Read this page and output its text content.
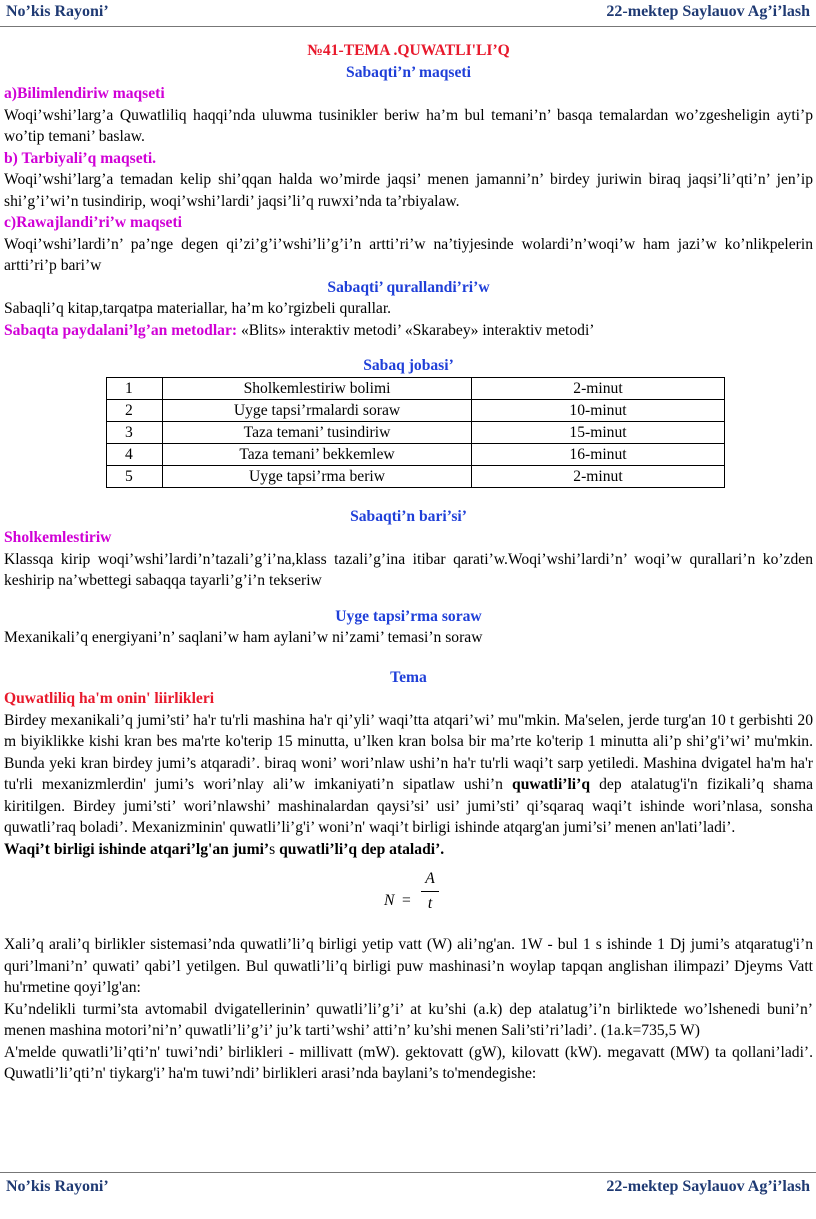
No’kis Rayoni’	22-mektep Saylauov Ag’i’lash

№41-TEMA .QUWATLI'LI’Q

Sabaqti’n’ maqseti

a)Bilimlendiriw maqseti

Woqi’wshi’larg’a Quwatliliq haqqi’nda uluwma tusinikler beriw ha’m bul temani’n’ basqa temalardan wo’zgesheligin ayti’p wo’tip temani’ baslaw.

b) Tarbiyali’q maqseti.

Woqi’wshi’larg’a temadan kelip shi’qqan halda wo’mirde jaqsi’ menen jamanni’n’ birdey juriwin biraq jaqsi’li’qti’n’ jen’ip shi’g’i’wi’n tusindirip, woqi’wshi’lardi’ jaqsi’li’q ruwxi’nda ta’rbiyalaw.

c)Rawajlandi’ri’w maqseti

Woqi’wshi’lardi’n’ pa’nge degen qi’zi’g’i’wshi’li’g’i’n artti’ri’w na’tiyjesinde wolardi’n’woqi’w ham jazi’w ko’nlikpelerin artti’ri’p bari’w

Sabaqti’ qurallandi’ri’w

Sabaqli’q kitap,tarqatpa materiallar, ha’m ko’rgizbeli qurallar.

Sabaqta paydalani’lg’an metodlar: «Blits» interaktiv metodi’ «Skarabey» interaktiv metodi’

Sabaq jobasi’

1	Sholkemlestiriw bolimi	2-minut
2	Uyge tapsi’rmalardi soraw	10-minut
3	Taza temani’ tusindiriw	15-minut
4	Taza temani’ bekkemlew	16-minut
5	Uyge tapsi’rma beriw	2-minut

Sabaqti’n bari’si’

Sholkemlestiriw

Klassqa kirip woqi’wshi’lardi’n’tazali’g’i’na,klass tazali’g’ina itibar qarati’w.Woqi’wshi’lardi’n’ woqi’w qurallari’n ko’zden keshirip na’wbettegi sabaqqa tayarli’g’i’n tekseriw

Uyge tapsi’rma soraw

Mexanikali’q energiyani’n’ saqlani’w ham aylani’w ni’zami’ temasi’n soraw

Tema

Quwatliliq ha'm onin' liirlikleri

Birdey mexanikali’q jumi’sti’ ha'r tu'rli mashina ha'r qi’yli’ waqi’tta atqari’wi’ mu"mkin. Ma'selen, jerde turg'an 10 t gerbishti 20 m biyiklikke kishi kran bes ma'rte ko'terip 15 minutta, u’lken kran bolsa bir ma’rte ko'terip 1 minutta ali’p shi’g'i’wi’ mu'mkin. Bunda yeki kran birdey jumi’s atqaradi’. biraq woni’ wori’nlaw ushi’n ha'r tu'rli waqi’t sarp yetiledi. Mashina dvigatel ha'm ha'r tu'rli mexanizmlerdin' jumi’s wori’nlay ali’w imkaniyati’n sipatlaw ushi’n quwatli’li’q dep atalatug'i'n fizikali’q shama kiritilgen. Birdey jumi’sti’ wori’nlawshi’ mashinalardan qaysi’si’ usi’ jumi’sti’ qi’sqaraq waqi’t ishinde wori’nlasa, sonsha quwatli’raq boladi’. Mexanizminin' quwatli’li’g'i’ woni’n' waqi’t birligi ishinde atqarg'an jumi’si’ menen an'lati’ladi’.

Waqi’t birligi ishinde atqari’lg'an jumi’s quwatli’li’q dep ataladi’.

N =
A
t

Xali’q arali’q birlikler sistemasi’nda quwatli’li’q birligi yetip vatt (W) ali’ng'an. 1W - bul 1 s ishinde 1 Dj jumi’s atqaratug'i’n quri’lmani’n’ quwati’ qabi’l yetilgen. Bul quwatli’li’q birligi puw mashinasi’n woylap tapqan anglishan ilimpazi’ Djeyms Vatt hu'rmetine qoyi’lg'an:

Ku’ndelikli turmi’sta avtomabil dvigatellerinin’ quwatli’li’g’i’ at ku’shi (a.k) dep atalatug’i’n birliktede wo’lshenedi buni’n’ menen mashina motori’ni’n’ quwatli’li’g’i’ ju’k tarti’wshi’ atti’n’ ku’shi menen Sali’sti’ri’ladi’. (1a.k=735,5 W)

A'melde quwatli’li’qti’n' tuwi’ndi’ birlikleri - millivatt (mW). gektovatt (gW), kilovatt (kW). megavatt (MW) ta qollani’ladi’. Quwatli’li’qti’n' tiykarg'i’ ha'm tuwi’ndi’ birlikleri arasi’nda baylani’s to'mendegishe:

No’kis Rayoni’	22-mektep Saylauov Ag’i’lash
